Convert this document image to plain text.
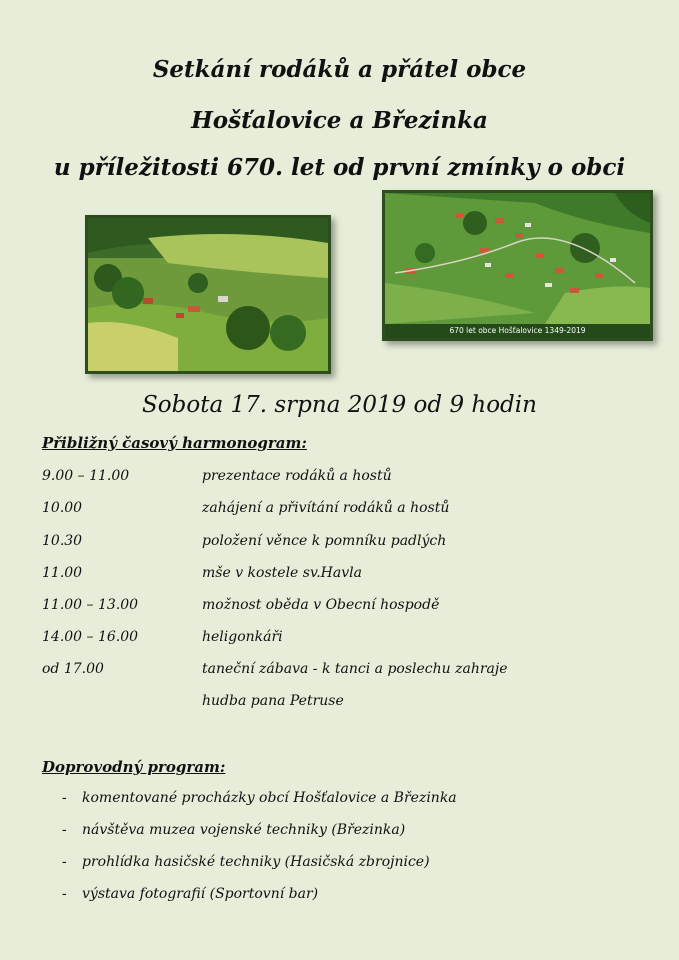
Setkání rodáků a přátel obce
Hošťalovice a Březinka
u příležitosti 670. let od první zmínky o obci
670 let obce Hošťalovice 1349-2019
Sobota 17. srpna 2019 od 9 hodin
Přibližný časový harmonogram:
9.00 – 11.00	prezentace rodáků a hostů
10.00	zahájení a přivítání rodáků a hostů
10.30	položení věnce k pomníku padlých
11.00	mše v kostele sv.Havla
11.00 – 13.00	možnost oběda v Obecní hospodě
14.00 – 16.00	heligonkáři
od 17.00	taneční zábava - k tanci a poslechu zahraje
hudba pana Petruse
Doprovodný program:
- komentované procházky obcí Hošťalovice a Březinka
- návštěva muzea vojenské techniky (Březinka)
- prohlídka hasičské techniky (Hasičská zbrojnice)
- výstava fotografií (Sportovní bar)
